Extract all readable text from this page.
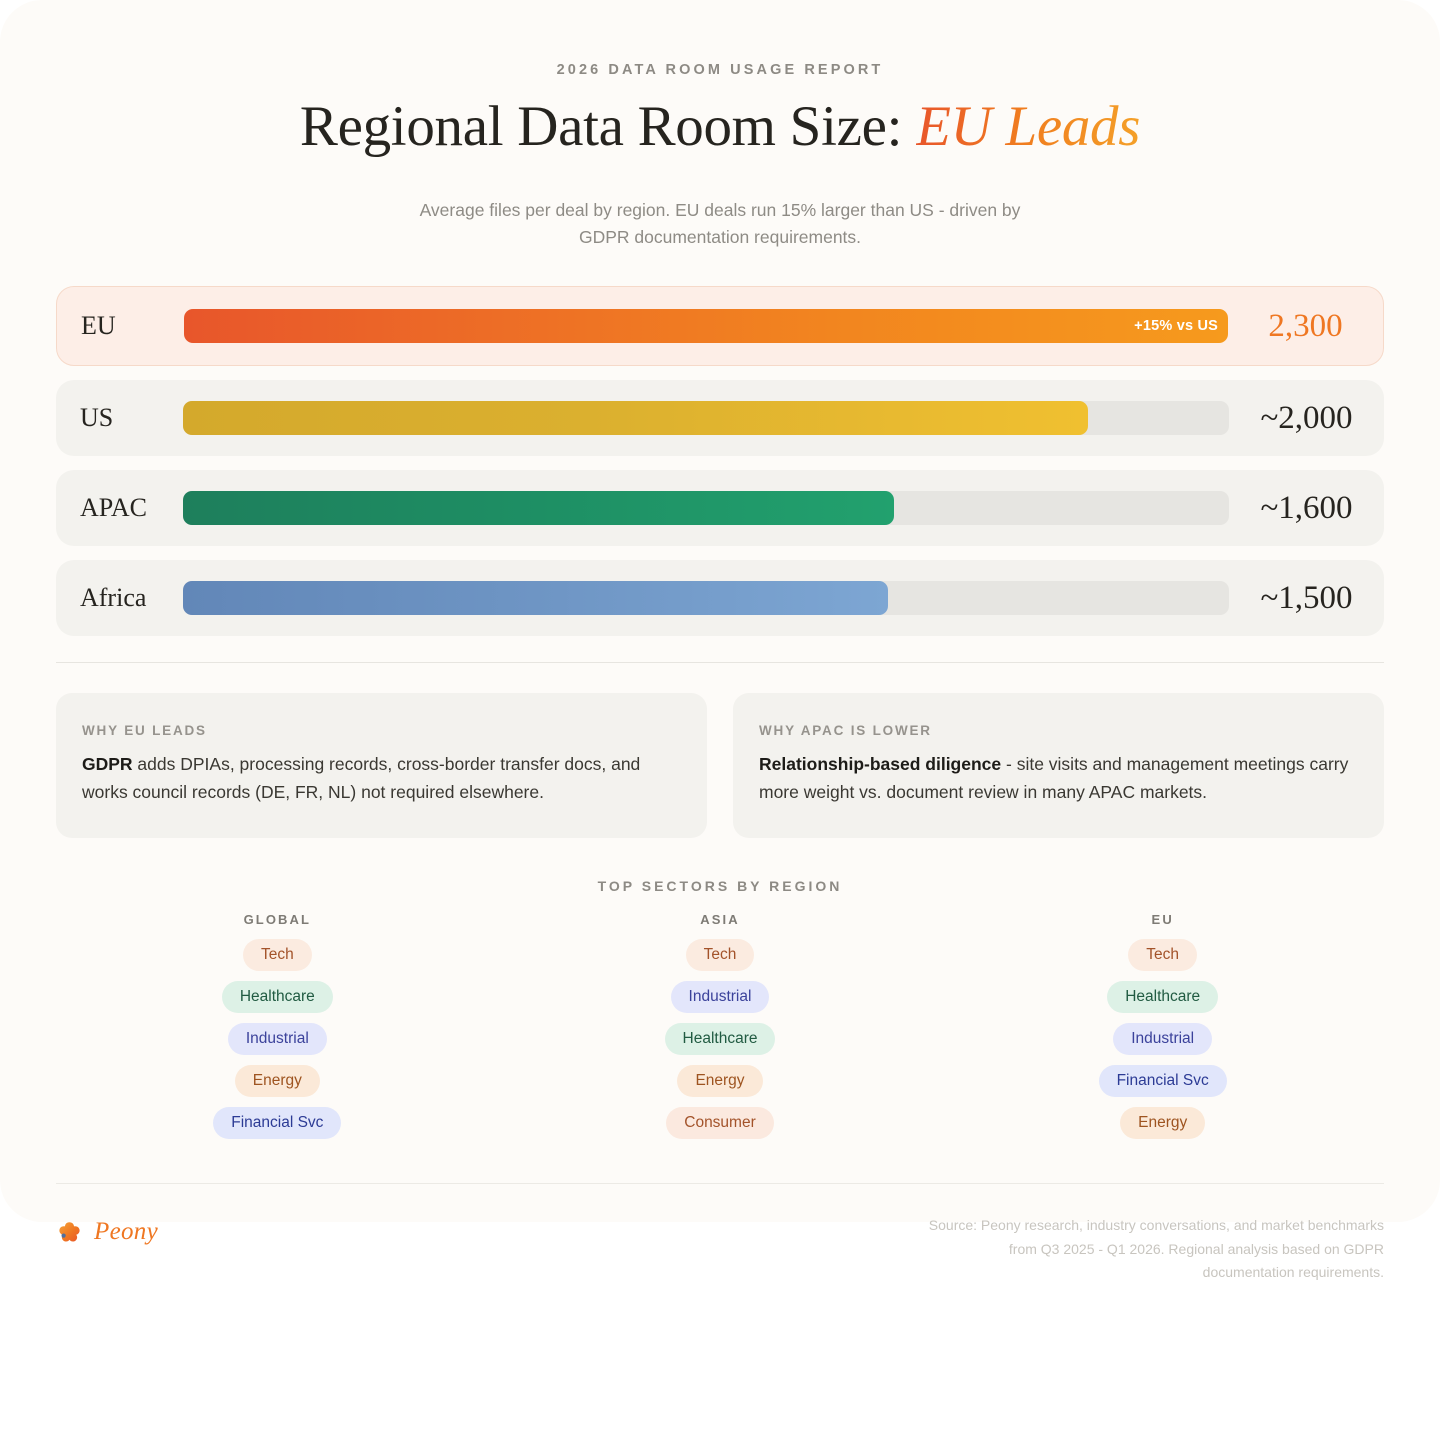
2026 DATA ROOM USAGE REPORT
Regional Data Room Size: EU Leads
Average files per deal by region. EU deals run 15% larger than US - driven by GDPR documentation requirements.
EU	+15% vs US	2,300
US	~2,000
APAC	~1,600
Africa	~1,500
WHY EU LEADS
GDPR adds DPIAs, processing records, cross-border transfer docs, and works council records (DE, FR, NL) not required elsewhere.
WHY APAC IS LOWER
Relationship-based diligence - site visits and management meetings carry more weight vs. document review in many APAC markets.
TOP SECTORS BY REGION
GLOBAL
Tech
Healthcare
Industrial
Energy
Financial Svc
ASIA
Tech
Industrial
Healthcare
Energy
Consumer
EU
Tech
Healthcare
Industrial
Financial Svc
Energy
Peony	Source: Peony research, industry conversations, and market benchmarks from Q3 2025 - Q1 2026. Regional analysis based on GDPR documentation requirements.
